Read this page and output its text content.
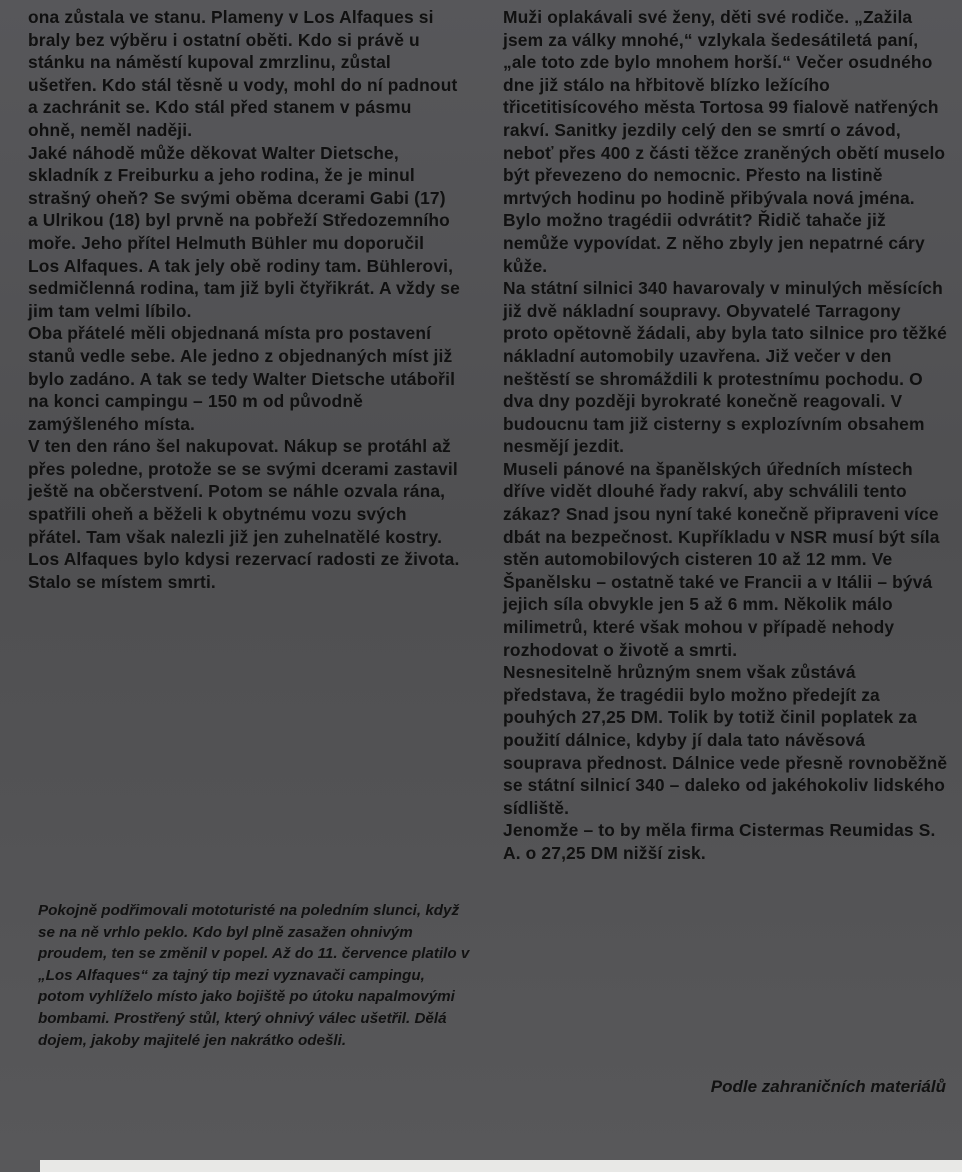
ona zůstala ve stanu. Plameny v Los Alfaques si braly bez výběru i ostatní oběti. Kdo si právě u stánku na náměstí kupoval zmrzlinu, zůstal ušetřen. Kdo stál těsně u vody, mohl do ní padnout a zachránit se. Kdo stál před stanem v pásmu ohně, neměl naději.

Jaké náhodě může děkovat Walter Dietsche, skladník z Freiburku a jeho rodina, že je minul strašný oheň? Se svými oběma dcerami Gabi (17) a Ulrikou (18) byl prvně na pobřeží Středozemního moře. Jeho přítel Helmuth Bühler mu doporučil Los Alfaques. A tak jely obě rodiny tam. Bühlerovi, sedmičlenná rodina, tam již byli čtyřikrát. A vždy se jim tam velmi líbilo.

Oba přátelé měli objednaná místa pro postavení stanů vedle sebe. Ale jedno z objednaných míst již bylo zadáno. A tak se tedy Walter Dietsche utábořil na konci campingu – 150 m od původně zamýšleného místa.

V ten den ráno šel nakupovat. Nákup se protáhl až přes poledne, protože se se svými dcerami zastavil ještě na občerstvení. Potom se náhle ozvala rána, spatřili oheň a běželi k obytnému vozu svých přátel. Tam však nalezli již jen zuhelnatělé kostry.

Los Alfaques bylo kdysi rezervací radosti ze života. Stalo se místem smrti.

Pokojně podřimovali mototuristé na poledním slunci, když se na ně vrhlo peklo. Kdo byl plně zasažen ohnivým proudem, ten se změnil v popel. Až do 11. července platilo v „Los Alfaques“ za tajný tip mezi vyznavači campingu, potom vyhlíželo místo jako bojiště po útoku napalmovými bombami. Prostřený stůl, který ohnivý válec ušetřil. Dělá dojem, jakoby majitelé jen nakrátko odešli.

Muži oplakávali své ženy, děti své rodiče. „Zažila jsem za války mnohé,“ vzlykala šedesátiletá paní, „ale toto zde bylo mnohem horší.“ Večer osudného dne již stálo na hřbitově blízko ležícího třicetitisícového města Tortosa 99 fialově natřených rakví. Sanitky jezdily celý den se smrtí o závod, neboť přes 400 z části těžce zraněných obětí muselo být převezeno do nemocnic. Přesto na listině mrtvých hodinu po hodině přibývala nová jména.

Bylo možno tragédii odvrátit? Řidič tahače již nemůže vypovídat. Z něho zbyly jen nepatrné cáry kůže.

Na státní silnici 340 havarovaly v minulých měsících již dvě nákladní soupravy. Obyvatelé Tarragony proto opětovně žádali, aby byla tato silnice pro těžké nákladní automobily uzavřena. Již večer v den neštěstí se shromáždili k protestnímu pochodu. O dva dny později byrokraté konečně reagovali. V budoucnu tam již cisterny s explozívním obsahem nesmějí jezdit.

Museli pánové na španělských úředních místech dříve vidět dlouhé řady rakví, aby schválili tento zákaz? Snad jsou nyní také konečně připraveni více dbát na bezpečnost. Kupříkladu v NSR musí být síla stěn automobilových cisteren 10 až 12 mm. Ve Španělsku – ostatně také ve Francii a v Itálii – bývá jejich síla obvykle jen 5 až 6 mm. Několik málo milimetrů, které však mohou v případě nehody rozhodovat o životě a smrti.

Nesnesitelně hrůzným snem však zůstává představa, že tragédii bylo možno předejít za pouhých 27,25 DM. Tolik by totiž činil poplatek za použití dálnice, kdyby jí dala tato návěsová souprava přednost. Dálnice vede přesně rovnoběžně se státní silnicí 340 – daleko od jakéhokoliv lidského sídliště.

Jenomže – to by měla firma Cistermas Reumidas S. A. o 27,25 DM nižší zisk.

Podle zahraničních materiálů
